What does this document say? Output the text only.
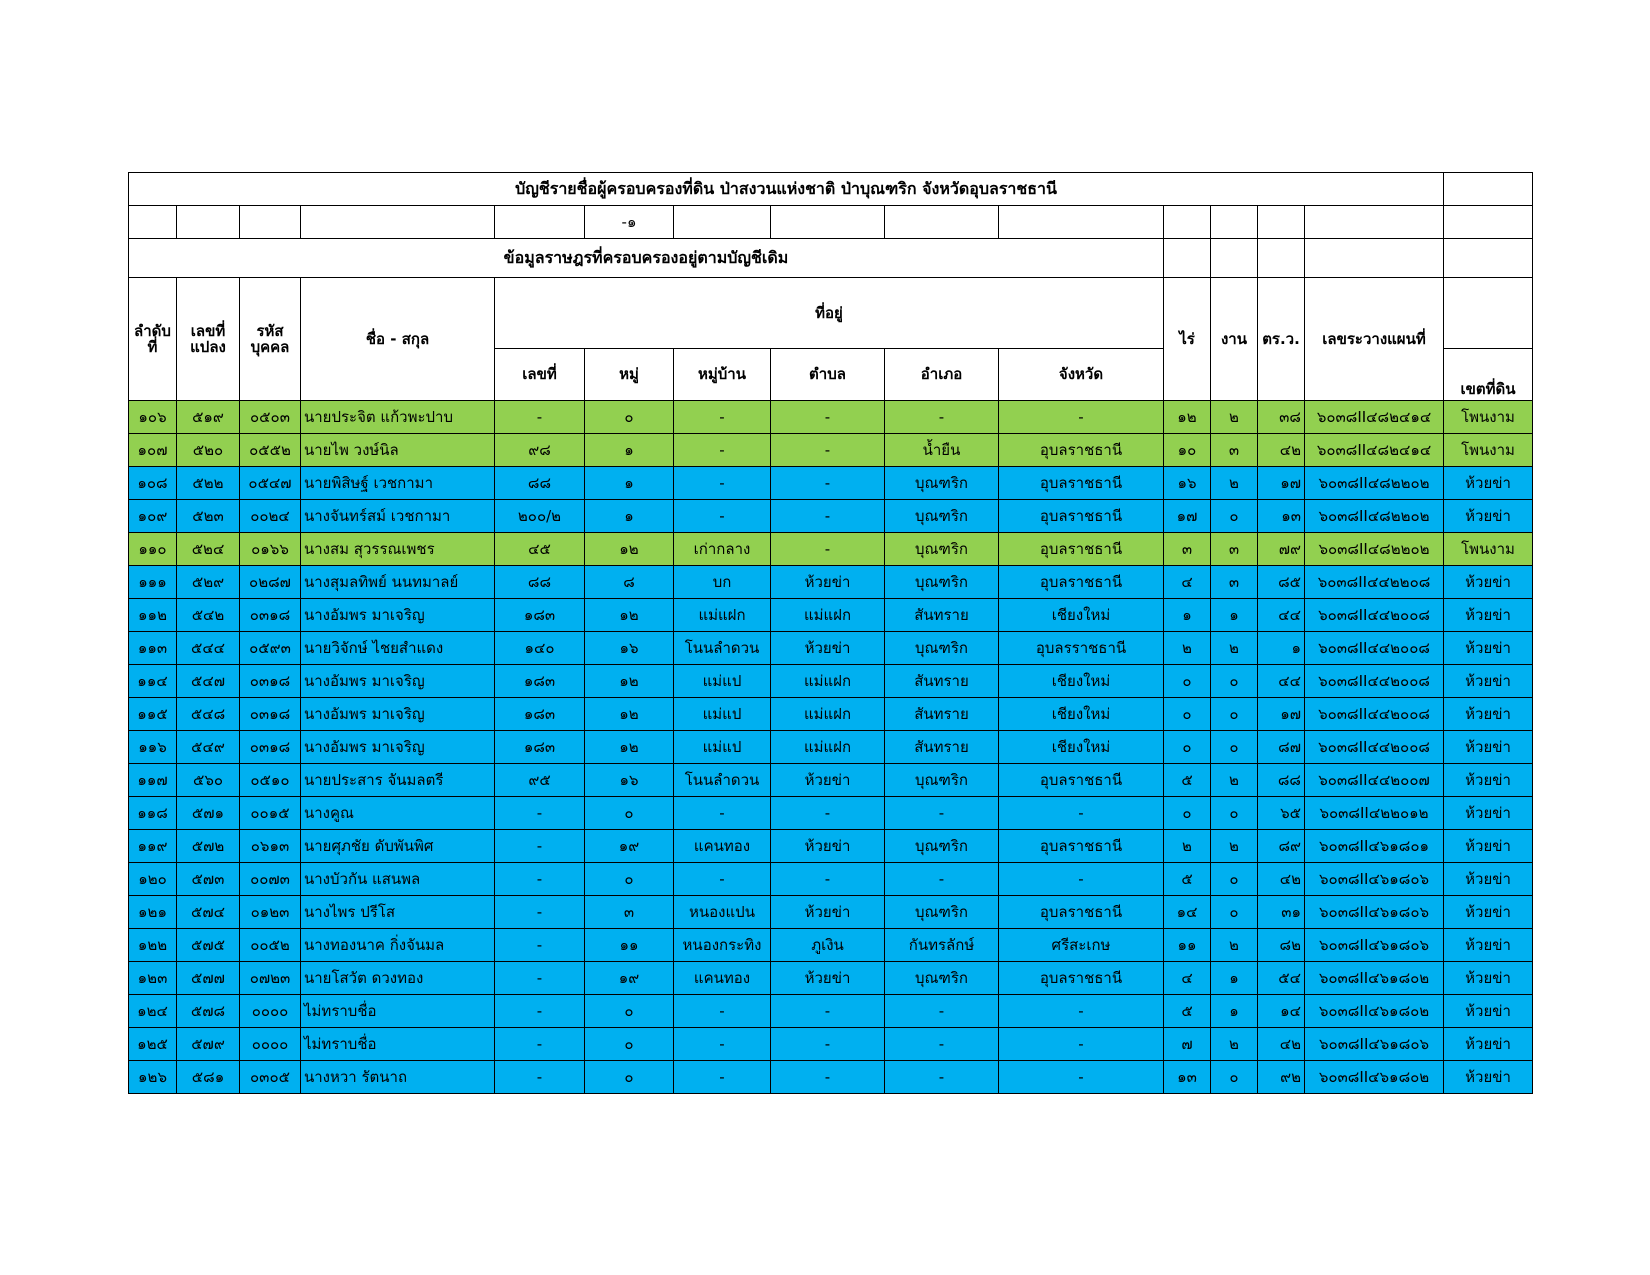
บัญชีรายชื่อผู้ครอบครองที่ดิน ป่าสงวนแห่งชาติ ป่าบุณฑริก จังหวัดอุบลราชธานี														
					-๑									
ข้อมูลราษฎรที่ครอบครองอยู่ตามบัญชีเดิม														
ลำดับที่	เลขที่แปลง	รหัสบุคคล	ชื่อ - สกุล	ที่อยู่						ไร่	งาน	ตร.ว.	เลขระวางแผนที่	
				เลขที่	หมู่	หมู่บ้าน	ตำบล	อำเภอ	จังหวัด					เขตที่ดิน
๑๐๖	๕๑๙	๐๕๐๓	นายประจิต แก้วพะปาบ	-	๐	-	-	-	-	๑๒	๒	๓๘	๖๐๓๘II๔๘๒๔๑๔	โพนงาม
๑๐๗	๕๒๐	๐๕๕๒	นายไพ วงษ์นิล	๙๘	๑	-	-	น้ำยืน	อุบลราชธานี	๑๐	๓	๔๒	๖๐๓๘II๔๘๒๔๑๔	โพนงาม
๑๐๘	๕๒๒	๐๕๔๗	นายพิสิษฐ์ เวชกามา	๘๘	๑	-	-	บุณฑริก	อุบลราชธานี	๑๖	๒	๑๗	๖๐๓๘II๔๘๒๒๐๒	ห้วยข่า
๑๐๙	๕๒๓	๐๐๒๔	นางจันทร์สม์ เวชกามา	๒๐๐/๒	๑	-	-	บุณฑริก	อุบลราชธานี	๑๗	๐	๑๓	๖๐๓๘II๔๘๒๒๐๒	ห้วยข่า
๑๑๐	๕๒๔	๐๑๖๖	นางสม สุวรรณเพชร	๔๕	๑๒	เก่ากลาง	-	บุณฑริก	อุบลราชธานี	๓	๓	๗๙	๖๐๓๘II๔๘๒๒๐๒	โพนงาม
๑๑๑	๕๒๙	๐๒๘๗	นางสุมลทิพย์ นนทมาลย์	๘๘	๘	บก	ห้วยข่า	บุณฑริก	อุบลราชธานี	๔	๓	๘๕	๖๐๓๘II๔๔๒๒๐๘	ห้วยข่า
๑๑๒	๕๔๒	๐๓๑๘	นางอัมพร มาเจริญ	๑๘๓	๑๒	แม่แฝก	แม่แฝก	สันทราย	เชียงใหม่	๑	๑	๔๔	๖๐๓๘II๔๔๒๐๐๘	ห้วยข่า
๑๑๓	๕๔๔	๐๕๙๓	นายวิจักษ์ ไชยสำแดง	๑๔๐	๑๖	โนนลำดวน	ห้วยข่า	บุณฑริก	อุบลรราชธานี	๒	๒	๑	๖๐๓๘II๔๔๒๐๐๘	ห้วยข่า
๑๑๔	๕๔๗	๐๓๑๘	นางอัมพร มาเจริญ	๑๘๓	๑๒	แม่แป	แม่แฝก	สันทราย	เชียงใหม่	๐	๐	๔๔	๖๐๓๘II๔๔๒๐๐๘	ห้วยข่า
๑๑๕	๕๔๘	๐๓๑๘	นางอัมพร มาเจริญ	๑๘๓	๑๒	แม่แป	แม่แฝก	สันทราย	เชียงใหม่	๐	๐	๑๗	๖๐๓๘II๔๔๒๐๐๘	ห้วยข่า
๑๑๖	๕๔๙	๐๓๑๘	นางอัมพร มาเจริญ	๑๘๓	๑๒	แม่แป	แม่แฝก	สันทราย	เชียงใหม่	๐	๐	๘๗	๖๐๓๘II๔๔๒๐๐๘	ห้วยข่า
๑๑๗	๕๖๐	๐๕๑๐	นายประสาร จันมลตรี	๙๕	๑๖	โนนลำดวน	ห้วยข่า	บุณฑริก	อุบลราชธานี	๕	๒	๘๘	๖๐๓๘II๔๔๒๐๐๗	ห้วยข่า
๑๑๘	๕๗๑	๐๐๑๕	นางคูณ	-	๐	-	-	-	-	๐	๐	๖๕	๖๐๓๘II๔๒๒๐๑๒	ห้วยข่า
๑๑๙	๕๗๒	๐๖๑๓	นายศุภชัย ดับพันพิศ	-	๑๙	แคนทอง	ห้วยข่า	บุณฑริก	อุบลราชธานี	๒	๒	๘๙	๖๐๓๘II๔๖๑๘๐๑	ห้วยข่า
๑๒๐	๕๗๓	๐๐๗๓	นางบัวกัน แสนพล	-	๐	-	-	-	-	๕	๐	๔๒	๖๐๓๘II๔๖๑๘๐๖	ห้วยข่า
๑๒๑	๕๗๔	๐๑๒๓	นางไพร ปรีโส	-	๓	หนองแปน	ห้วยข่า	บุณฑริก	อุบลราชธานี	๑๔	๐	๓๑	๖๐๓๘II๔๖๑๘๐๖	ห้วยข่า
๑๒๒	๕๗๕	๐๐๕๒	นางทองนาค กิ่งจันมล	-	๑๑	หนองกระทิง	ภูเงิน	กันทรลักษ์	ศรีสะเกษ	๑๑	๒	๘๒	๖๐๓๘II๔๖๑๘๐๖	ห้วยข่า
๑๒๓	๕๗๗	๐๗๒๓	นายโสวัต ดวงทอง	-	๑๙	แคนทอง	ห้วยข่า	บุณฑริก	อุบลราชธานี	๔	๑	๕๔	๖๐๓๘II๔๖๑๘๐๒	ห้วยข่า
๑๒๔	๕๗๘	๐๐๐๐	ไม่ทราบชื่อ	-	๐	-	-	-	-	๕	๑	๑๔	๖๐๓๘II๔๖๑๘๐๒	ห้วยข่า
๑๒๕	๕๗๙	๐๐๐๐	ไม่ทราบชื่อ	-	๐	-	-	-	-	๗	๒	๔๒	๖๐๓๘II๔๖๑๘๐๖	ห้วยข่า
๑๒๖	๕๘๑	๐๓๐๕	นางหวา รัตนาถ	-	๐	-	-	-	-	๑๓	๐	๙๒	๖๐๓๘II๔๖๑๘๐๒	ห้วยข่า
